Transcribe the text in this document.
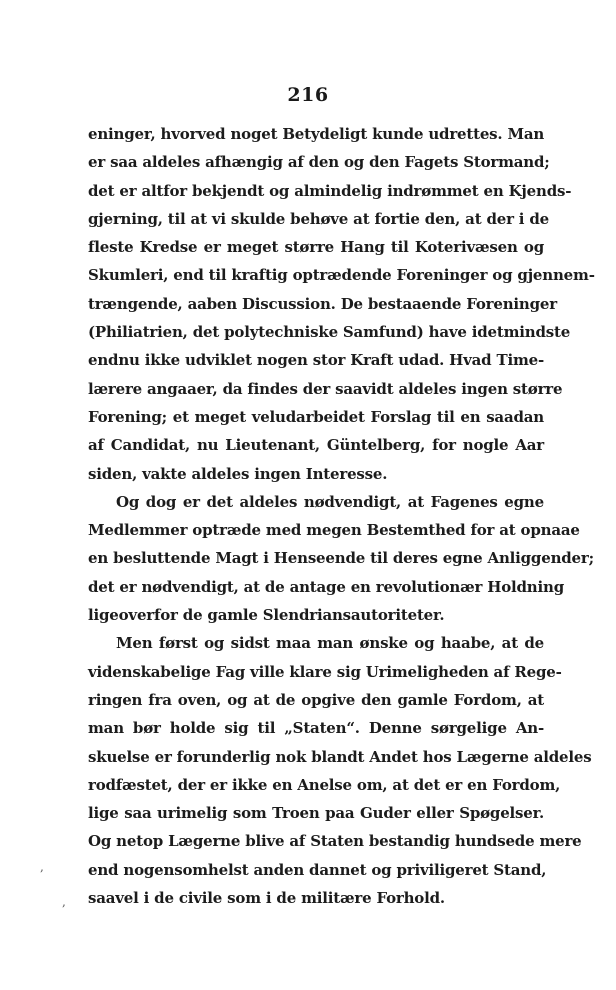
216
eninger, hvorved noget Betydeligt kunde udrettes. Man
er saa aldeles afhængig af den og den Fagets Stormand;
det er altfor bekjendt og almindelig indrømmet en Kjends-
gjerning, til at vi skulde behøve at fortie den, at der i de
fleste Kredse er meget større Hang til Koterivæsen og
Skumleri, end til kraftig optrædende Foreninger og gjennem-
trængende, aaben Discussion. De bestaaende Foreninger
(Philiatrien, det polytechniske Samfund) have idetmindste
endnu ikke udviklet nogen stor Kraft udad. Hvad Time-
lærere angaaer, da findes der saavidt aldeles ingen større
Forening; et meget veludarbeidet Forslag til en saadan
af Candidat, nu Lieutenant, Güntelberg, for nogle Aar
siden, vakte aldeles ingen Interesse.
Og dog er det aldeles nødvendigt, at Fagenes egne
Medlemmer optræde med megen Bestemthed for at opnaae
en besluttende Magt i Henseende til deres egne Anliggender;
det er nødvendigt, at de antage en revolutionær Holdning
ligeoverfor de gamle Slendriansautoriteter.
Men først og sidst maa man ønske og haabe, at de
videnskabelige Fag ville klare sig Urimeligheden af Rege-
ringen fra oven, og at de opgive den gamle Fordom, at
man bør holde sig til „Staten“. Denne sørgelige An-
skuelse er forunderlig nok blandt Andet hos Lægerne aldeles
rodfæstet, der er ikke en Anelse om, at det er en Fordom,
lige saa urimelig som Troen paa Guder eller Spøgelser.
Og netop Lægerne blive af Staten bestandig hundsede mere
end nogensomhelst anden dannet og priviligeret Stand,
saavel i de civile som i de militære Forhold.
,
,
